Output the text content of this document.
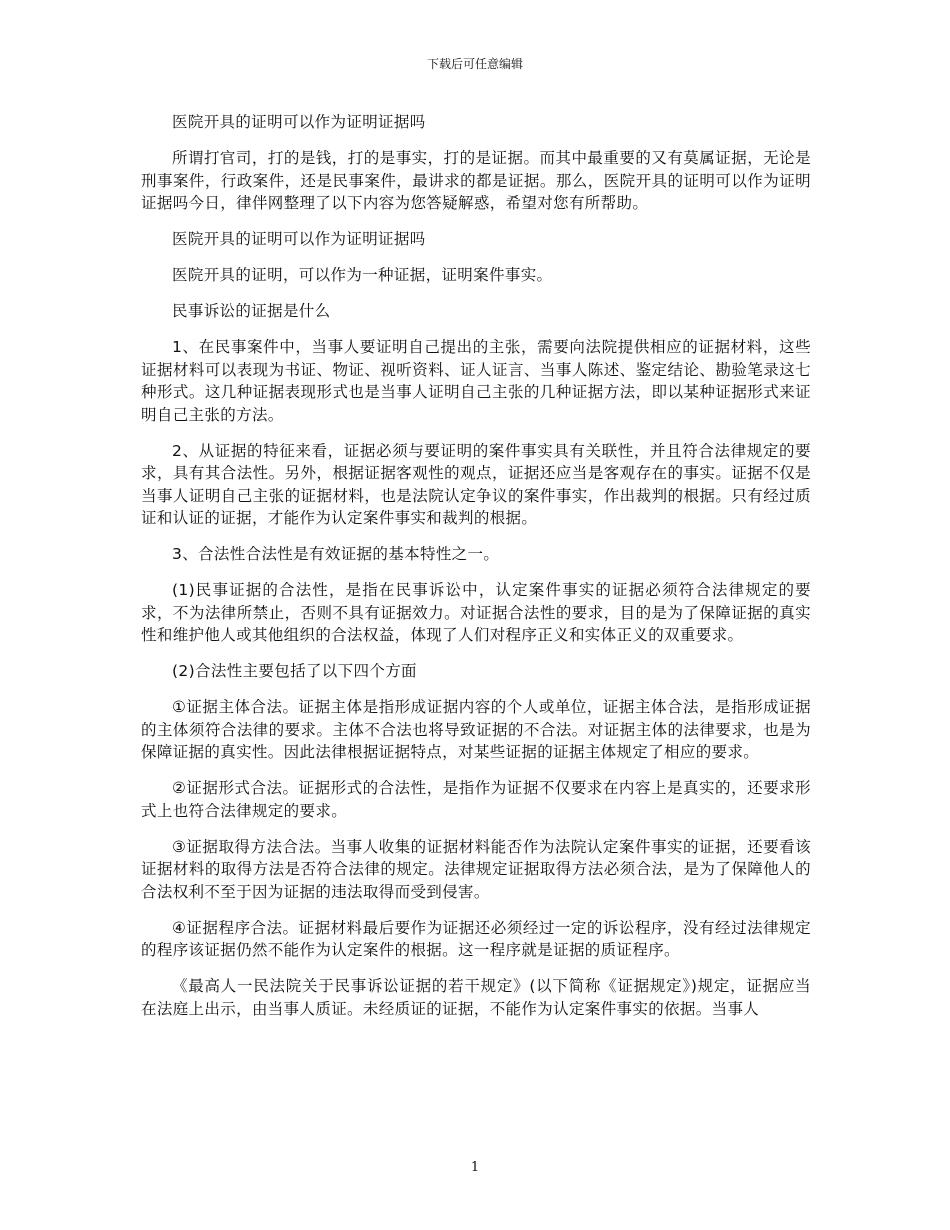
下载后可任意编辑

医院开具的证明可以作为证明证据吗

所谓打官司，打的是钱，打的是事实，打的是证据。而其中最重要的又有莫属证据，无论是刑事案件，行政案件，还是民事案件，最讲求的都是证据。那么，医院开具的证明可以作为证明证据吗今日，律伴网整理了以下内容为您答疑解惑，希望对您有所帮助。

医院开具的证明可以作为证明证据吗

医院开具的证明，可以作为一种证据，证明案件事实。

民事诉讼的证据是什么

1、在民事案件中，当事人要证明自己提出的主张，需要向法院提供相应的证据材料，这些证据材料可以表现为书证、物证、视听资料、证人证言、当事人陈述、鉴定结论、勘验笔录这七种形式。这几种证据表现形式也是当事人证明自己主张的几种证据方法，即以某种证据形式来证明自己主张的方法。

2、从证据的特征来看，证据必须与要证明的案件事实具有关联性，并且符合法律规定的要求，具有其合法性。另外，根据证据客观性的观点，证据还应当是客观存在的事实。证据不仅是当事人证明自己主张的证据材料，也是法院认定争议的案件事实，作出裁判的根据。只有经过质证和认证的证据，才能作为认定案件事实和裁判的根据。

3、合法性合法性是有效证据的基本特性之一。

(1)民事证据的合法性，是指在民事诉讼中，认定案件事实的证据必须符合法律规定的要求，不为法律所禁止，否则不具有证据效力。对证据合法性的要求，目的是为了保障证据的真实性和维护他人或其他组织的合法权益，体现了人们对程序正义和实体正义的双重要求。

(2)合法性主要包括了以下四个方面

①证据主体合法。证据主体是指形成证据内容的个人或单位，证据主体合法，是指形成证据的主体须符合法律的要求。主体不合法也将导致证据的不合法。对证据主体的法律要求，也是为保障证据的真实性。因此法律根据证据特点，对某些证据的证据主体规定了相应的要求。

②证据形式合法。证据形式的合法性，是指作为证据不仅要求在内容上是真实的，还要求形式上也符合法律规定的要求。

③证据取得方法合法。当事人收集的证据材料能否作为法院认定案件事实的证据，还要看该证据材料的取得方法是否符合法律的规定。法律规定证据取得方法必须合法，是为了保障他人的合法权利不至于因为证据的违法取得而受到侵害。

④证据程序合法。证据材料最后要作为证据还必须经过一定的诉讼程序，没有经过法律规定的程序该证据仍然不能作为认定案件的根据。这一程序就是证据的质证程序。

《最高人一民法院关于民事诉讼证据的若干规定》(以下简称《证据规定》)规定，证据应当在法庭上出示，由当事人质证。未经质证的证据，不能作为认定案件事实的依据。当事人

1
